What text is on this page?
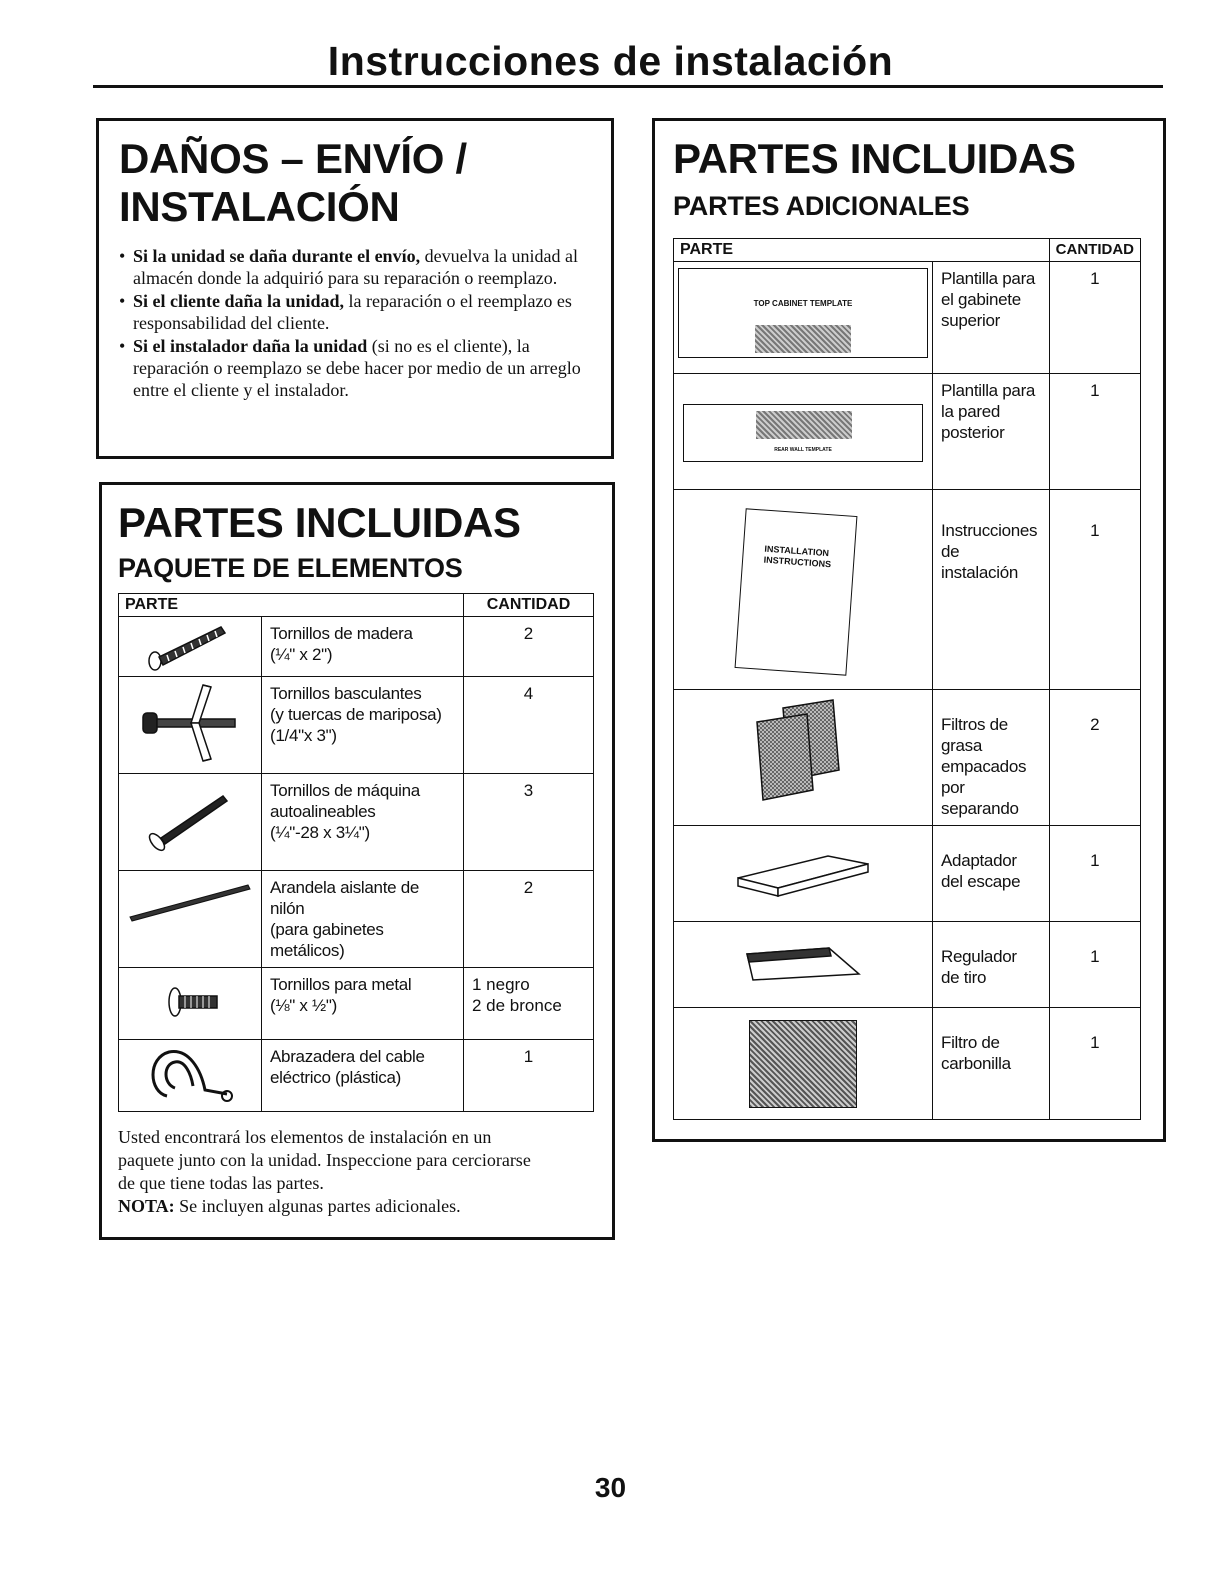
Instrucciones de instalación
DAÑOS – ENVÍO /
INSTALACIÓN
• Si la unidad se daña durante el envío, devuelva la unidad al almacén donde la adquirió para su reparación o reemplazo.
• Si el cliente daña la unidad, la reparación o el reemplazo es responsabilidad del cliente.
• Si el instalador daña la unidad (si no es el cliente), la reparación o reemplazo se debe hacer por medio de un arreglo entre el cliente y el instalador.
PARTES INCLUIDAS
PAQUETE DE ELEMENTOS
PARTE		CANTIDAD

	Tornillos de madera
(¼" x 2")	2

	Tornillos basculantes
(y tuercas de mariposa)
(1/4"x 3")	4

	Tornillos de máquina
autoalineables
(¼"-28 x 3¼")	3

	Arandela aislante de nilón
(para gabinetes metálicos)	2

	Tornillos para metal
(⅛" x ½")	1 negro
2 de bronce

	Abrazadera del cable
eléctrico (plástica)	1

Usted encontrará los elementos de instalación en un paquete junto con la unidad. Inspeccione para cerciorarse de que tiene todas las partes.

NOTA: Se incluyen algunas partes adicionales.

PARTES INCLUIDAS
PARTES ADICIONALES
PARTE		CANTIDAD

TOP CABINET TEMPLATE	Plantilla para
el gabinete
superior	1

REAR WALL TEMPLATE	Plantilla para
la pared
posterior	1

INSTALLATION
INSTRUCTIONS	Instrucciones
de instalación	1

	Filtros de
grasa
empacados
por separando	2

	Adaptador
del escape	1

	Regulador
de tiro	1

	Filtro de
carbonilla	1
30
